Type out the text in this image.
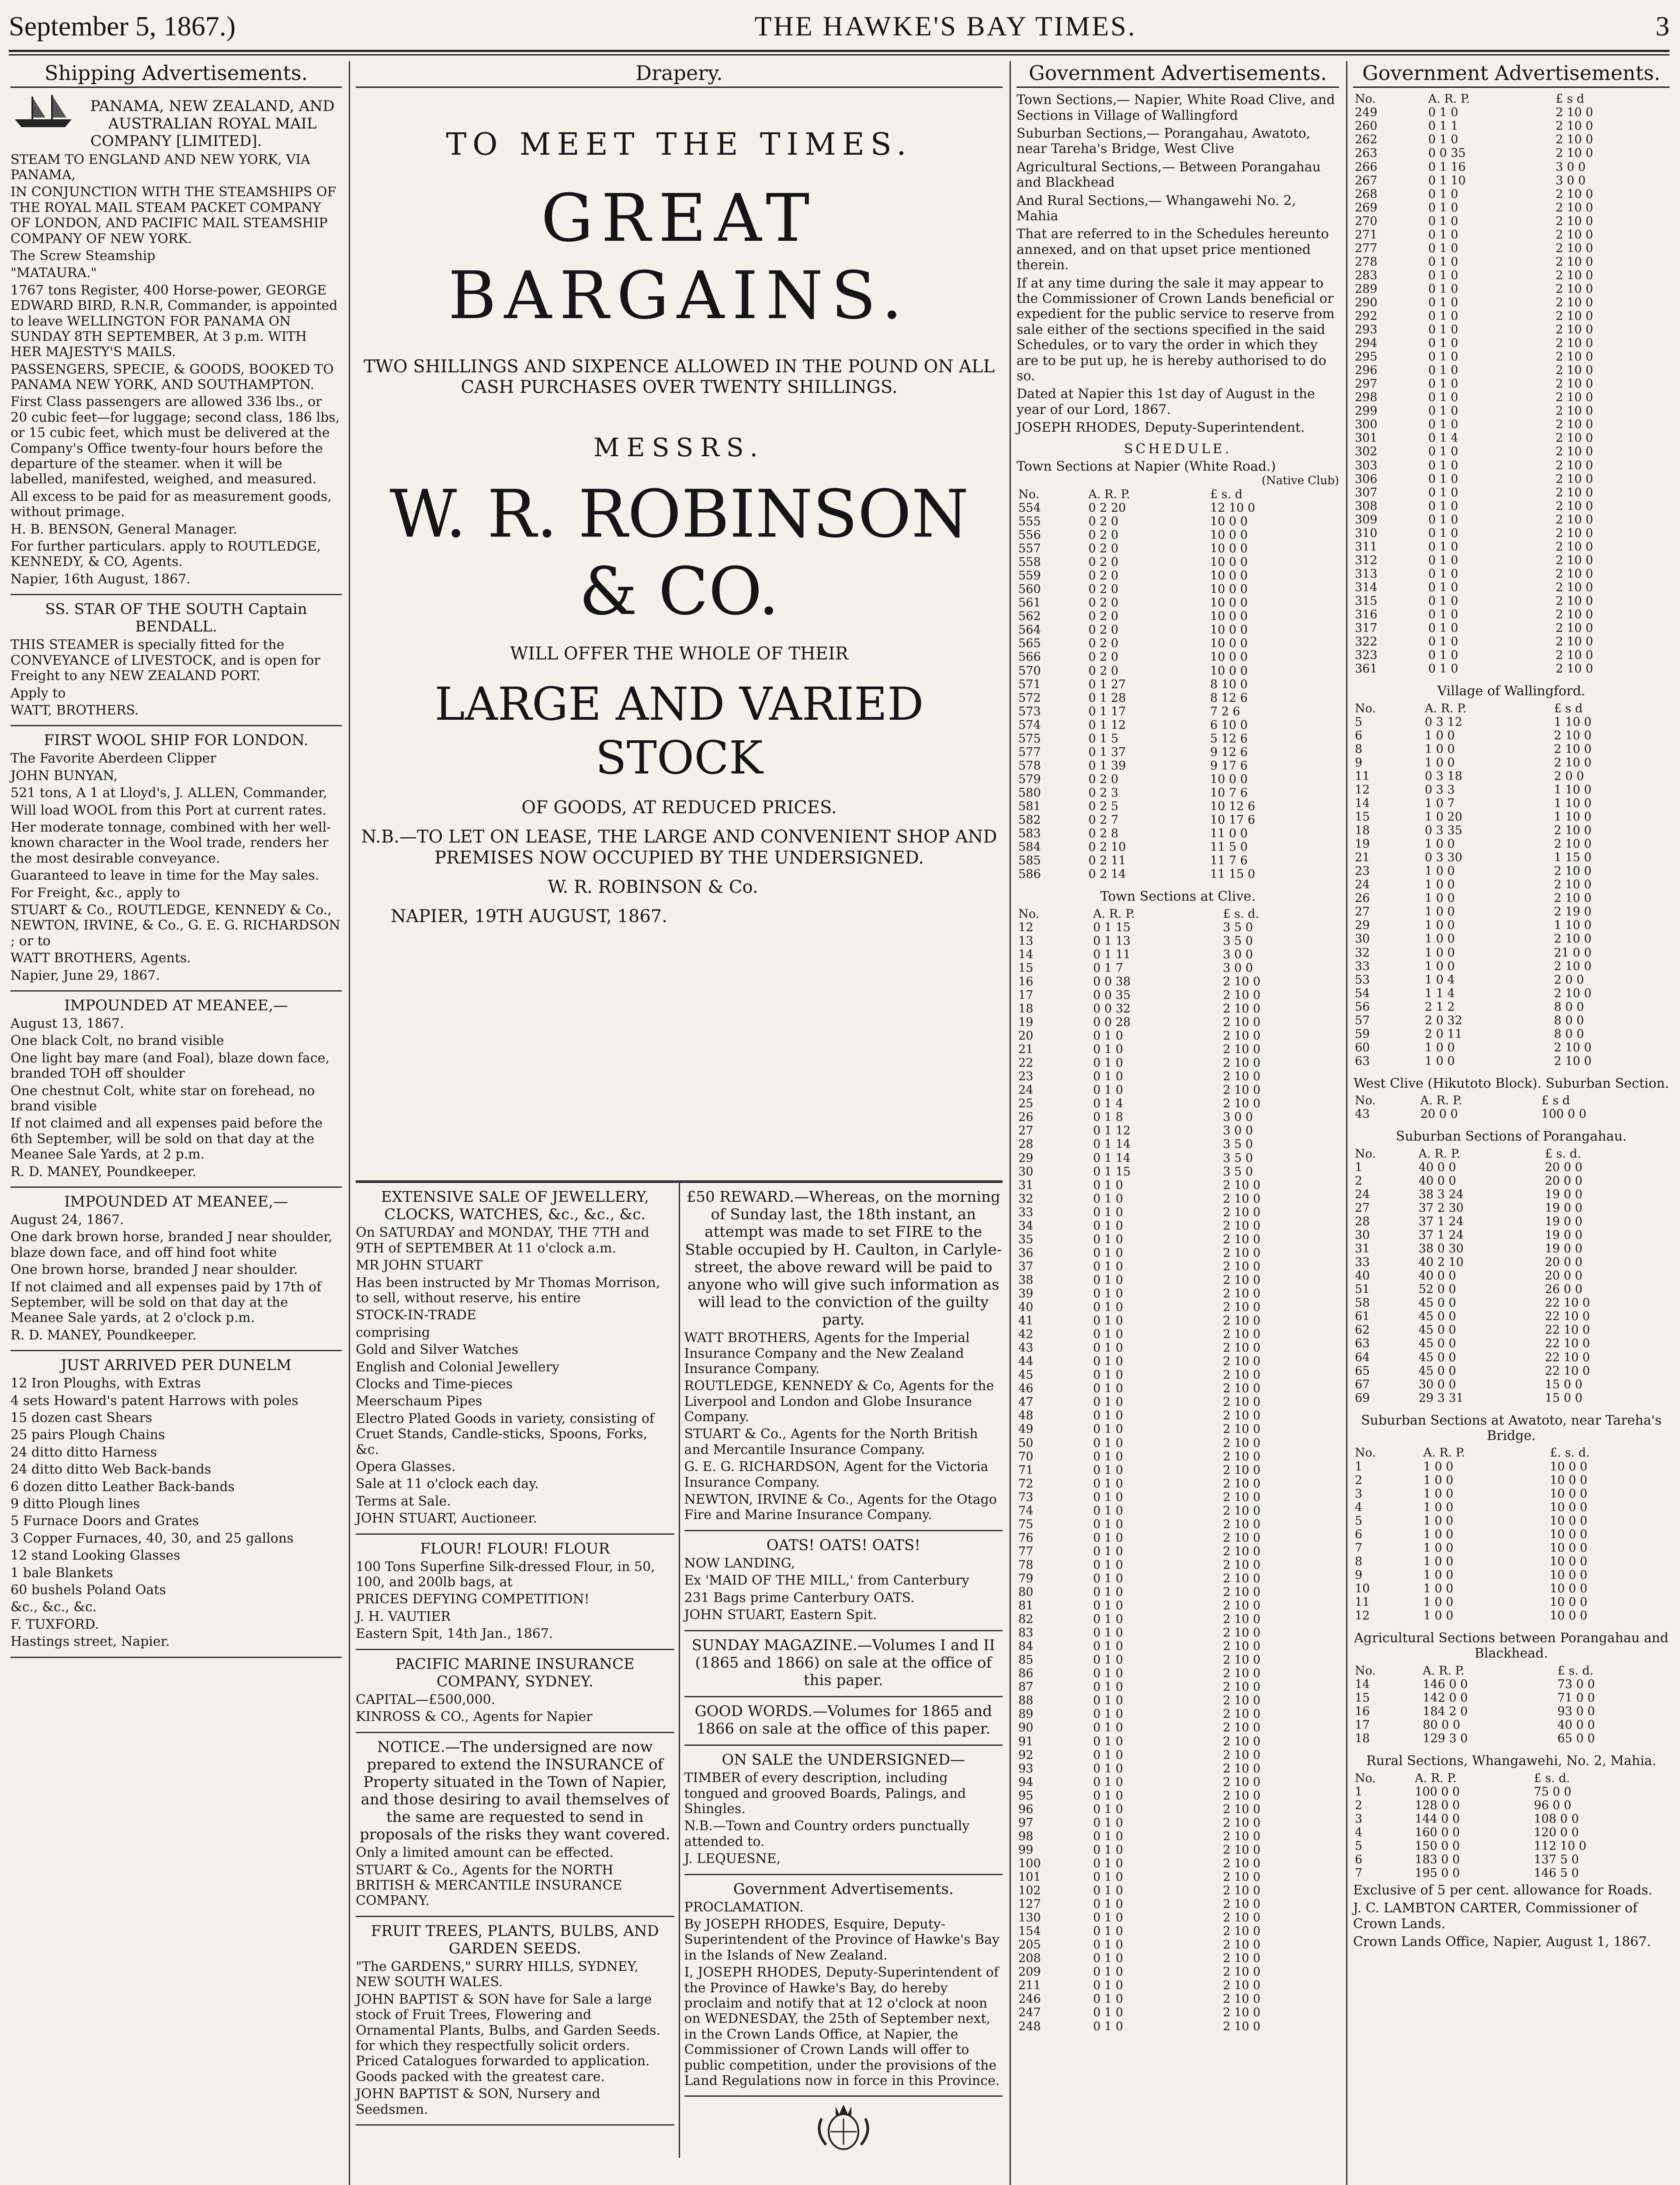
September 5, 1867.)	THE HAWKE'S BAY TIMES.	3
Shipping Advertisements.

PANAMA, NEW ZEALAND, AND AUSTRALIAN ROYAL MAIL COMPANY [LIMITED].

STEAM TO ENGLAND AND NEW YORK, VIA PANAMA,

IN CONJUNCTION WITH THE STEAMSHIPS OF THE ROYAL MAIL STEAM PACKET COMPANY OF LONDON, AND PACIFIC MAIL STEAMSHIP COMPANY OF NEW YORK.

The Screw Steamship

"MATAURA."

1767 tons Register, 400 Horse-power, GEORGE EDWARD BIRD, R.N.R, Commander, is appointed to leave WELLINGTON FOR PANAMA ON SUNDAY 8TH SEPTEMBER, At 3 p.m. WITH HER MAJESTY'S MAILS.

PASSENGERS, SPECIE, & GOODS, BOOKED TO PANAMA NEW YORK, AND SOUTHAMPTON.

First Class passengers are allowed 336 lbs., or 20 cubic feet—for luggage; second class, 186 lbs, or 15 cubic feet, which must be delivered at the Company's Office twenty-four hours before the departure of the steamer. when it will be labelled, manifested, weighed, and measured.

All excess to be paid for as measurement goods, without primage.

H. B. BENSON, General Manager.

For further particulars. apply to ROUTLEDGE, KENNEDY, & CO, Agents.

Napier, 16th August, 1867.

SS. STAR OF THE SOUTH Captain BENDALL.

THIS STEAMER is specially fitted for the CONVEYANCE of LIVESTOCK, and is open for Freight to any NEW ZEALAND PORT.

Apply to

WATT, BROTHERS.

FIRST WOOL SHIP FOR LONDON.

The Favorite Aberdeen Clipper

JOHN BUNYAN,

521 tons, A 1 at Lloyd's, J. ALLEN, Commander,

Will load WOOL from this Port at current rates.

Her moderate tonnage, combined with her well-known character in the Wool trade, renders her the most desirable conveyance.

Guaranteed to leave in time for the May sales.

For Freight, &c., apply to

STUART & Co., ROUTLEDGE, KENNEDY & Co., NEWTON, IRVINE, & Co., G. E. G. RICHARDSON ; or to

WATT BROTHERS, Agents.

Napier, June 29, 1867.

IMPOUNDED AT MEANEE,—

August 13, 1867.

One black Colt, no brand visible

One light bay mare (and Foal), blaze down face, branded TOH off shoulder

One chestnut Colt, white star on forehead, no brand visible

If not claimed and all expenses paid before the 6th September, will be sold on that day at the Meanee Sale Yards, at 2 p.m.

R. D. MANEY, Poundkeeper.

IMPOUNDED AT MEANEE,—

August 24, 1867.

One dark brown horse, branded J near shoulder, blaze down face, and off hind foot white

One brown horse, branded J near shoulder.

If not claimed and all expenses paid by 17th of September, will be sold on that day at the Meanee Sale yards, at 2 o'clock p.m.

R. D. MANEY, Poundkeeper.

JUST ARRIVED PER DUNELM

12 Iron Ploughs, with Extras

4 sets Howard's patent Harrows with poles

15 dozen cast Shears

25 pairs Plough Chains

24 ditto ditto Harness

24 ditto ditto Web Back-bands

6 dozen ditto Leather Back-bands

9 ditto Plough lines

5 Furnace Doors and Grates

3 Copper Furnaces, 40, 30, and 25 gallons

12 stand Looking Glasses

1 bale Blankets

60 bushels Poland Oats

&c., &c., &c.

F. TUXFORD.

Hastings street, Napier.

Drapery.
TO MEET THE TIMES.
GREAT BARGAINS.
TWO SHILLINGS AND SIXPENCE ALLOWED IN THE POUND ON ALL CASH PURCHASES OVER TWENTY SHILLINGS.
MESSRS.
W. R. ROBINSON & CO.
WILL OFFER THE WHOLE OF THEIR
LARGE AND VARIED STOCK
OF GOODS, AT REDUCED PRICES.
N.B.—TO LET ON LEASE, THE LARGE AND CONVENIENT SHOP AND PREMISES NOW OCCUPIED BY THE UNDERSIGNED.
W. R. ROBINSON & Co.
NAPIER, 19TH AUGUST, 1867.

EXTENSIVE SALE OF JEWELLERY, CLOCKS, WATCHES, &c., &c., &c.

On SATURDAY and MONDAY, THE 7TH and 9TH of SEPTEMBER At 11 o'clock a.m.

MR JOHN STUART

Has been instructed by Mr Thomas Morrison, to sell, without reserve, his entire

STOCK-IN-TRADE

comprising

Gold and Silver Watches

English and Colonial Jewellery

Clocks and Time-pieces

Meerschaum Pipes

Electro Plated Goods in variety, consisting of Cruet Stands, Candle-sticks, Spoons, Forks, &c.

Opera Glasses.

Sale at 11 o'clock each day.

Terms at Sale.

JOHN STUART, Auctioneer.

FLOUR! FLOUR! FLOUR

100 Tons Superfine Silk-dressed Flour, in 50, 100, and 200lb bags, at

PRICES DEFYING COMPETITION!

J. H. VAUTIER

Eastern Spit, 14th Jan., 1867.

PACIFIC MARINE INSURANCE COMPANY, SYDNEY.

CAPITAL—£500,000.

KINROSS & CO., Agents for Napier

NOTICE.—The undersigned are now prepared to extend the INSURANCE of Property situated in the Town of Napier, and those desiring to avail themselves of the same are requested to send in proposals of the risks they want covered.

Only a limited amount can be effected.

STUART & Co., Agents for the NORTH BRITISH & MERCANTILE INSURANCE COMPANY.

FRUIT TREES, PLANTS, BULBS, AND GARDEN SEEDS.

"The GARDENS," SURRY HILLS, SYDNEY, NEW SOUTH WALES.

JOHN BAPTIST & SON have for Sale a large stock of Fruit Trees, Flowering and Ornamental Plants, Bulbs, and Garden Seeds. for which they respectfully solicit orders. Priced Catalogues forwarded to application. Goods packed with the greatest care.

JOHN BAPTIST & SON, Nursery and Seedsmen.

£50 REWARD.—Whereas, on the morning of Sunday last, the 18th instant, an attempt was made to set FIRE to the Stable occupied by H. Caulton, in Carlyle-street, the above reward will be paid to anyone who will give such information as will lead to the conviction of the guilty party.

WATT BROTHERS, Agents for the Imperial Insurance Company and the New Zealand Insurance Company.

ROUTLEDGE, KENNEDY & Co, Agents for the Liverpool and London and Globe Insurance Company.

STUART & Co., Agents for the North British and Mercantile Insurance Company.

G. E. G. RICHARDSON, Agent for the Victoria Insurance Company.

NEWTON, IRVINE & Co., Agents for the Otago Fire and Marine Insurance Company.

OATS! OATS! OATS!

NOW LANDING,

Ex 'MAID OF THE MILL,' from Canterbury

231 Bags prime Canterbury OATS.

JOHN STUART, Eastern Spit.

SUNDAY MAGAZINE.—Volumes I and II (1865 and 1866) on sale at the office of this paper.

GOOD WORDS.—Volumes for 1865 and 1866 on sale at the office of this paper.

ON SALE the UNDERSIGNED—

TIMBER of every description, including tongued and grooved Boards, Palings, and Shingles.

N.B.—Town and Country orders punctually attended to.

J. LEQUESNE,

Government Advertisements.

PROCLAMATION.

By JOSEPH RHODES, Esquire, Deputy-Superintendent of the Province of Hawke's Bay in the Islands of New Zealand.

I, JOSEPH RHODES, Deputy-Superintendent of the Province of Hawke's Bay, do hereby proclaim and notify that at 12 o'clock at noon on WEDNESDAY, the 25th of September next, in the Crown Lands Office, at Napier, the Commissioner of Crown Lands will offer to public competition, under the provisions of the Land Regulations now in force in this Province.

Government Advertisements.

Town Sections,— Napier, White Road Clive, and Sections in Village of Wallingford

Suburban Sections,— Porangahau, Awatoto, near Tareha's Bridge, West Clive

Agricultural Sections,— Between Porangahau and Blackhead

And Rural Sections,— Whangawehi No. 2, Mahia

That are referred to in the Schedules hereunto annexed, and on that upset price mentioned therein.

If at any time during the sale it may appear to the Commissioner of Crown Lands beneficial or expedient for the public service to reserve from sale either of the sections specified in the said Schedules, or to vary the order in which they are to be put up, he is hereby authorised to do so.

Dated at Napier this 1st day of August in the year of our Lord, 1867.

JOSEPH RHODES, Deputy-Superintendent.

SCHEDULE.
Town Sections at Napier (White Road.)
(Native Club)
No.	A. R. P.	£ s. d
554	0 2 20	12 10 0
555	0 2 0	10 0 0
556	0 2 0	10 0 0
557	0 2 0	10 0 0
558	0 2 0	10 0 0
559	0 2 0	10 0 0
560	0 2 0	10 0 0
561	0 2 0	10 0 0
562	0 2 0	10 0 0
564	0 2 0	10 0 0
565	0 2 0	10 0 0
566	0 2 0	10 0 0
570	0 2 0	10 0 0
571	0 1 27	8 10 0
572	0 1 28	8 12 6
573	0 1 17	7 2 6
574	0 1 12	6 10 0
575	0 1 5	5 12 6
577	0 1 37	9 12 6
578	0 1 39	9 17 6
579	0 2 0	10 0 0
580	0 2 3	10 7 6
581	0 2 5	10 12 6
582	0 2 7	10 17 6
583	0 2 8	11 0 0
584	0 2 10	11 5 0
585	0 2 11	11 7 6
586	0 2 14	11 15 0
Town Sections at Clive.
No.	A. R. P.	£ s. d.
12	0 1 15	3 5 0
13	0 1 13	3 5 0
14	0 1 11	3 0 0
15	0 1 7	3 0 0
16	0 0 38	2 10 0
17	0 0 35	2 10 0
18	0 0 32	2 10 0
19	0 0 28	2 10 0
20	0 1 0	2 10 0
21	0 1 0	2 10 0
22	0 1 0	2 10 0
23	0 1 0	2 10 0
24	0 1 0	2 10 0
25	0 1 4	2 10 0
26	0 1 8	3 0 0
27	0 1 12	3 0 0
28	0 1 14	3 5 0
29	0 1 14	3 5 0
30	0 1 15	3 5 0
31	0 1 0	2 10 0
32	0 1 0	2 10 0
33	0 1 0	2 10 0
34	0 1 0	2 10 0
35	0 1 0	2 10 0
36	0 1 0	2 10 0
37	0 1 0	2 10 0
38	0 1 0	2 10 0
39	0 1 0	2 10 0
40	0 1 0	2 10 0
41	0 1 0	2 10 0
42	0 1 0	2 10 0
43	0 1 0	2 10 0
44	0 1 0	2 10 0
45	0 1 0	2 10 0
46	0 1 0	2 10 0
47	0 1 0	2 10 0
48	0 1 0	2 10 0
49	0 1 0	2 10 0
50	0 1 0	2 10 0
70	0 1 0	2 10 0
71	0 1 0	2 10 0
72	0 1 0	2 10 0
73	0 1 0	2 10 0
74	0 1 0	2 10 0
75	0 1 0	2 10 0
76	0 1 0	2 10 0
77	0 1 0	2 10 0
78	0 1 0	2 10 0
79	0 1 0	2 10 0
80	0 1 0	2 10 0
81	0 1 0	2 10 0
82	0 1 0	2 10 0
83	0 1 0	2 10 0
84	0 1 0	2 10 0
85	0 1 0	2 10 0
86	0 1 0	2 10 0
87	0 1 0	2 10 0
88	0 1 0	2 10 0
89	0 1 0	2 10 0
90	0 1 0	2 10 0
91	0 1 0	2 10 0
92	0 1 0	2 10 0
93	0 1 0	2 10 0
94	0 1 0	2 10 0
95	0 1 0	2 10 0
96	0 1 0	2 10 0
97	0 1 0	2 10 0
98	0 1 0	2 10 0
99	0 1 0	2 10 0
100	0 1 0	2 10 0
101	0 1 0	2 10 0
102	0 1 0	2 10 0
127	0 1 0	2 10 0
130	0 1 0	2 10 0
154	0 1 0	2 10 0
205	0 1 0	2 10 0
208	0 1 0	2 10 0
209	0 1 0	2 10 0
211	0 1 0	2 10 0
246	0 1 0	2 10 0
247	0 1 0	2 10 0
248	0 1 0	2 10 0
Government Advertisements.
No.	A. R. P.	£ s d
249	0 1 0	2 10 0
260	0 1 1	2 10 0
262	0 1 0	2 10 0
263	0 0 35	2 10 0
266	0 1 16	3 0 0
267	0 1 10	3 0 0
268	0 1 0	2 10 0
269	0 1 0	2 10 0
270	0 1 0	2 10 0
271	0 1 0	2 10 0
277	0 1 0	2 10 0
278	0 1 0	2 10 0
283	0 1 0	2 10 0
289	0 1 0	2 10 0
290	0 1 0	2 10 0
292	0 1 0	2 10 0
293	0 1 0	2 10 0
294	0 1 0	2 10 0
295	0 1 0	2 10 0
296	0 1 0	2 10 0
297	0 1 0	2 10 0
298	0 1 0	2 10 0
299	0 1 0	2 10 0
300	0 1 0	2 10 0
301	0 1 4	2 10 0
302	0 1 0	2 10 0
303	0 1 0	2 10 0
306	0 1 0	2 10 0
307	0 1 0	2 10 0
308	0 1 0	2 10 0
309	0 1 0	2 10 0
310	0 1 0	2 10 0
311	0 1 0	2 10 0
312	0 1 0	2 10 0
313	0 1 0	2 10 0
314	0 1 0	2 10 0
315	0 1 0	2 10 0
316	0 1 0	2 10 0
317	0 1 0	2 10 0
322	0 1 0	2 10 0
323	0 1 0	2 10 0
361	0 1 0	2 10 0
Village of Wallingford.
No.	A. R. P.	£ s d
5	0 3 12	1 10 0
6	1 0 0	2 10 0
8	1 0 0	2 10 0
9	1 0 0	2 10 0
11	0 3 18	2 0 0
12	0 3 3	1 10 0
14	1 0 7	1 10 0
15	1 0 20	1 10 0
18	0 3 35	2 10 0
19	1 0 0	2 10 0
21	0 3 30	1 15 0
23	1 0 0	2 10 0
24	1 0 0	2 10 0
26	1 0 0	2 10 0
27	1 0 0	2 19 0
29	1 0 0	1 10 0
30	1 0 0	2 10 0
32	1 0 0	21 0 0
33	1 0 0	2 10 0
53	1 0 4	2 0 0
54	1 1 4	2 10 0
56	2 1 2	8 0 0
57	2 0 32	8 0 0
59	2 0 11	8 0 0
60	1 0 0	2 10 0
63	1 0 0	2 10 0
West Clive (Hikutoto Block). Suburban Section.
No.	A. R. P.	£ s d
43	20 0 0	100 0 0
Suburban Sections of Porangahau.
No.	A. R. P.	£ s. d.
1	40 0 0	20 0 0
2	40 0 0	20 0 0
24	38 3 24	19 0 0
27	37 2 30	19 0 0
28	37 1 24	19 0 0
30	37 1 24	19 0 0
31	38 0 30	19 0 0
33	40 2 10	20 0 0
40	40 0 0	20 0 0
51	52 0 0	26 0 0
58	45 0 0	22 10 0
61	45 0 0	22 10 0
62	45 0 0	22 10 0
63	45 0 0	22 10 0
64	45 0 0	22 10 0
65	45 0 0	22 10 0
67	30 0 0	15 0 0
69	29 3 31	15 0 0
Suburban Sections at Awatoto, near Tareha's Bridge.
No.	A. R. P.	£. s. d.
1	1 0 0	10 0 0
2	1 0 0	10 0 0
3	1 0 0	10 0 0
4	1 0 0	10 0 0
5	1 0 0	10 0 0
6	1 0 0	10 0 0
7	1 0 0	10 0 0
8	1 0 0	10 0 0
9	1 0 0	10 0 0
10	1 0 0	10 0 0
11	1 0 0	10 0 0
12	1 0 0	10 0 0
Agricultural Sections between Porangahau and Blackhead.
No.	A. R. P.	£ s. d.
14	146 0 0	73 0 0
15	142 0 0	71 0 0
16	184 2 0	93 0 0
17	80 0 0	40 0 0
18	129 3 0	65 0 0
Rural Sections, Whangawehi, No. 2, Mahia.
No.	A. R. P.	£ s. d.
1	100 0 0	75 0 0
2	128 0 0	96 0 0
3	144 0 0	108 0 0
4	160 0 0	120 0 0
5	150 0 0	112 10 0
6	183 0 0	137 5 0
7	195 0 0	146 5 0

Exclusive of 5 per cent. allowance for Roads.

J. C. LAMBTON CARTER, Commissioner of Crown Lands.

Crown Lands Office, Napier, August 1, 1867.
